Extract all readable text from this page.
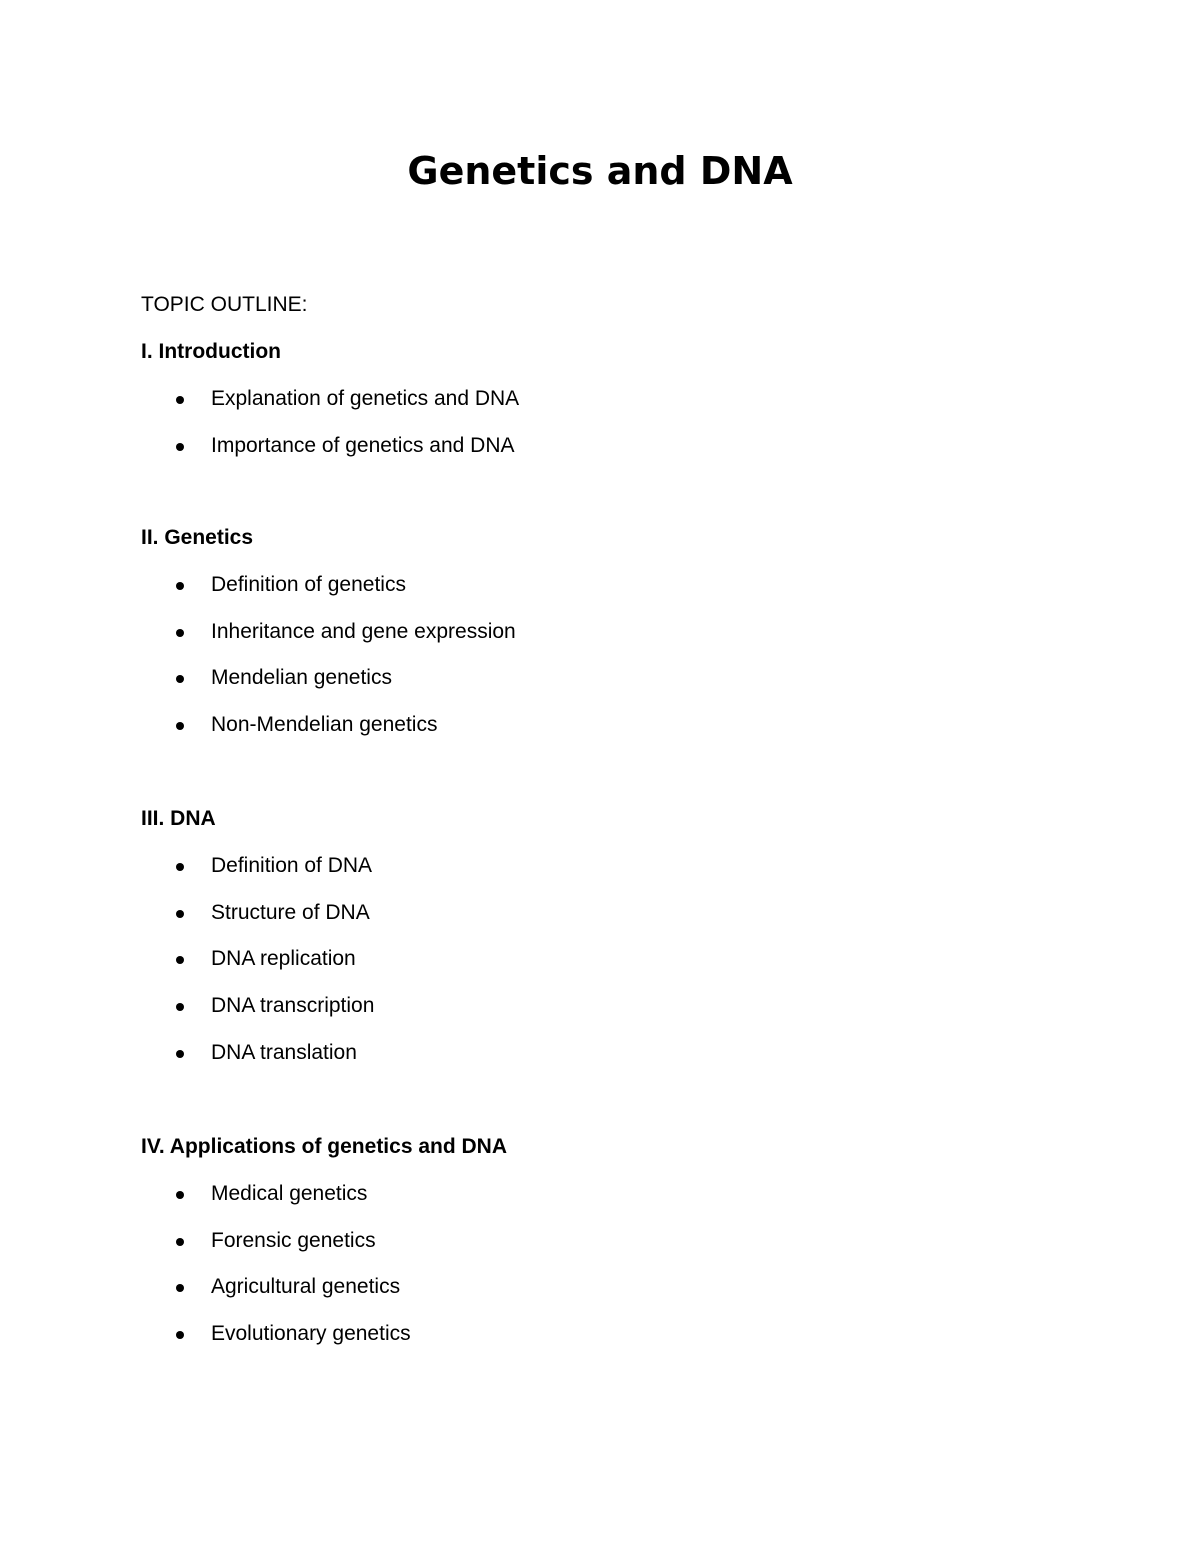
Genetics and DNA

TOPIC OUTLINE:

I. Introduction

Explanation of genetics and DNA
Importance of genetics and DNA

II. Genetics

Definition of genetics
Inheritance and gene expression
Mendelian genetics
Non-Mendelian genetics

III. DNA

Definition of DNA
Structure of DNA
DNA replication
DNA transcription
DNA translation

IV. Applications of genetics and DNA

Medical genetics
Forensic genetics
Agricultural genetics
Evolutionary genetics
